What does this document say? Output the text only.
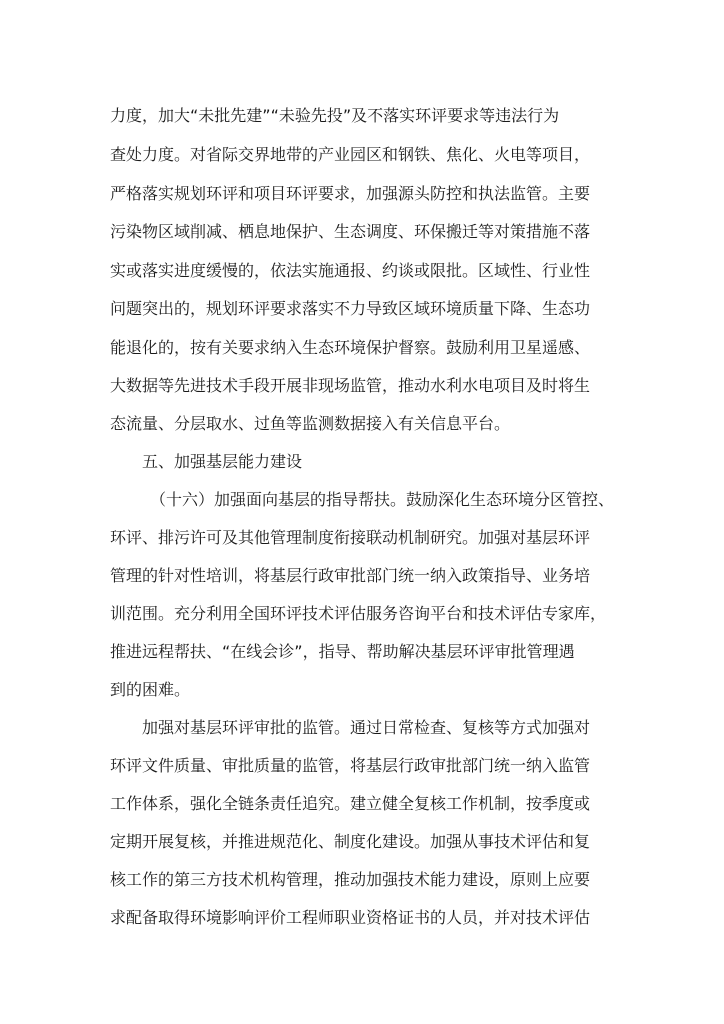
力度，加大“未批先建”“未验先投”及不落实环评要求等违法行为
查处力度。对省际交界地带的产业园区和钢铁、焦化、火电等项目，
严格落实规划环评和项目环评要求，加强源头防控和执法监管。主要
污染物区域削减、栖息地保护、生态调度、环保搬迁等对策措施不落
实或落实进度缓慢的，依法实施通报、约谈或限批。区域性、行业性
问题突出的，规划环评要求落实不力导致区域环境质量下降、生态功
能退化的，按有关要求纳入生态环境保护督察。鼓励利用卫星遥感、
大数据等先进技术手段开展非现场监管，推动水利水电项目及时将生
态流量、分层取水、过鱼等监测数据接入有关信息平台。
五、加强基层能力建设
（十六）加强面向基层的指导帮扶。鼓励深化生态环境分区管控、
环评、排污许可及其他管理制度衔接联动机制研究。加强对基层环评
管理的针对性培训，将基层行政审批部门统一纳入政策指导、业务培
训范围。充分利用全国环评技术评估服务咨询平台和技术评估专家库，
推进远程帮扶、“在线会诊”，指导、帮助解决基层环评审批管理遇
到的困难。
加强对基层环评审批的监管。通过日常检查、复核等方式加强对
环评文件质量、审批质量的监管，将基层行政审批部门统一纳入监管
工作体系，强化全链条责任追究。建立健全复核工作机制，按季度或
定期开展复核，并推进规范化、制度化建设。加强从事技术评估和复
核工作的第三方技术机构管理，推动加强技术能力建设，原则上应要
求配备取得环境影响评价工程师职业资格证书的人员，并对技术评估
